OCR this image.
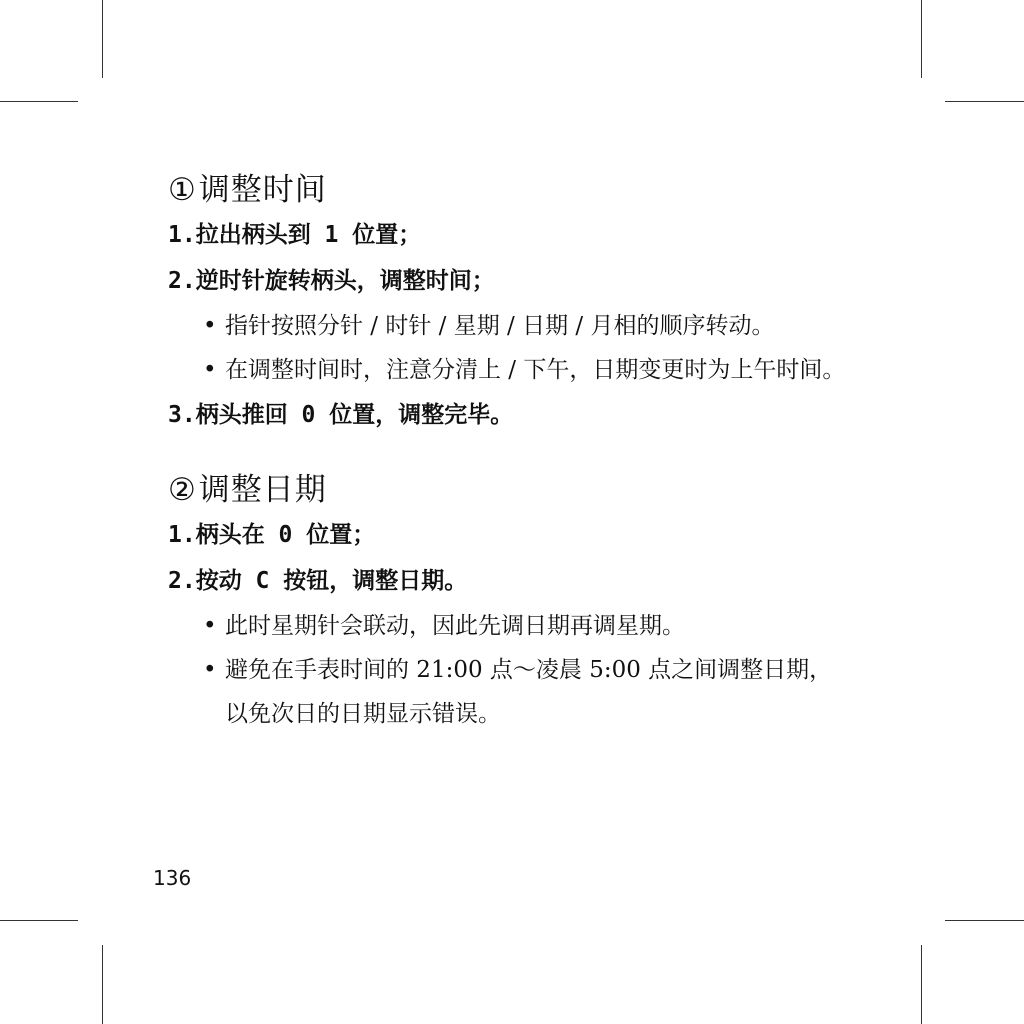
①调整时间
1.拉出柄头到 1 位置；
2.逆时针旋转柄头，调整时间；
• 指针按照分针 / 时针 / 星期 / 日期 / 月相的顺序转动。
• 在调整时间时，注意分清上 / 下午，日期变更时为上午时间。
3.柄头推回 0 位置，调整完毕。
②调整日期
1.柄头在 0 位置；
2.按动 C 按钮，调整日期。
• 此时星期针会联动，因此先调日期再调星期。
• 避免在手表时间的 21:00 点～凌晨 5:00 点之间调整日期，以免次日的日期显示错误。
136
